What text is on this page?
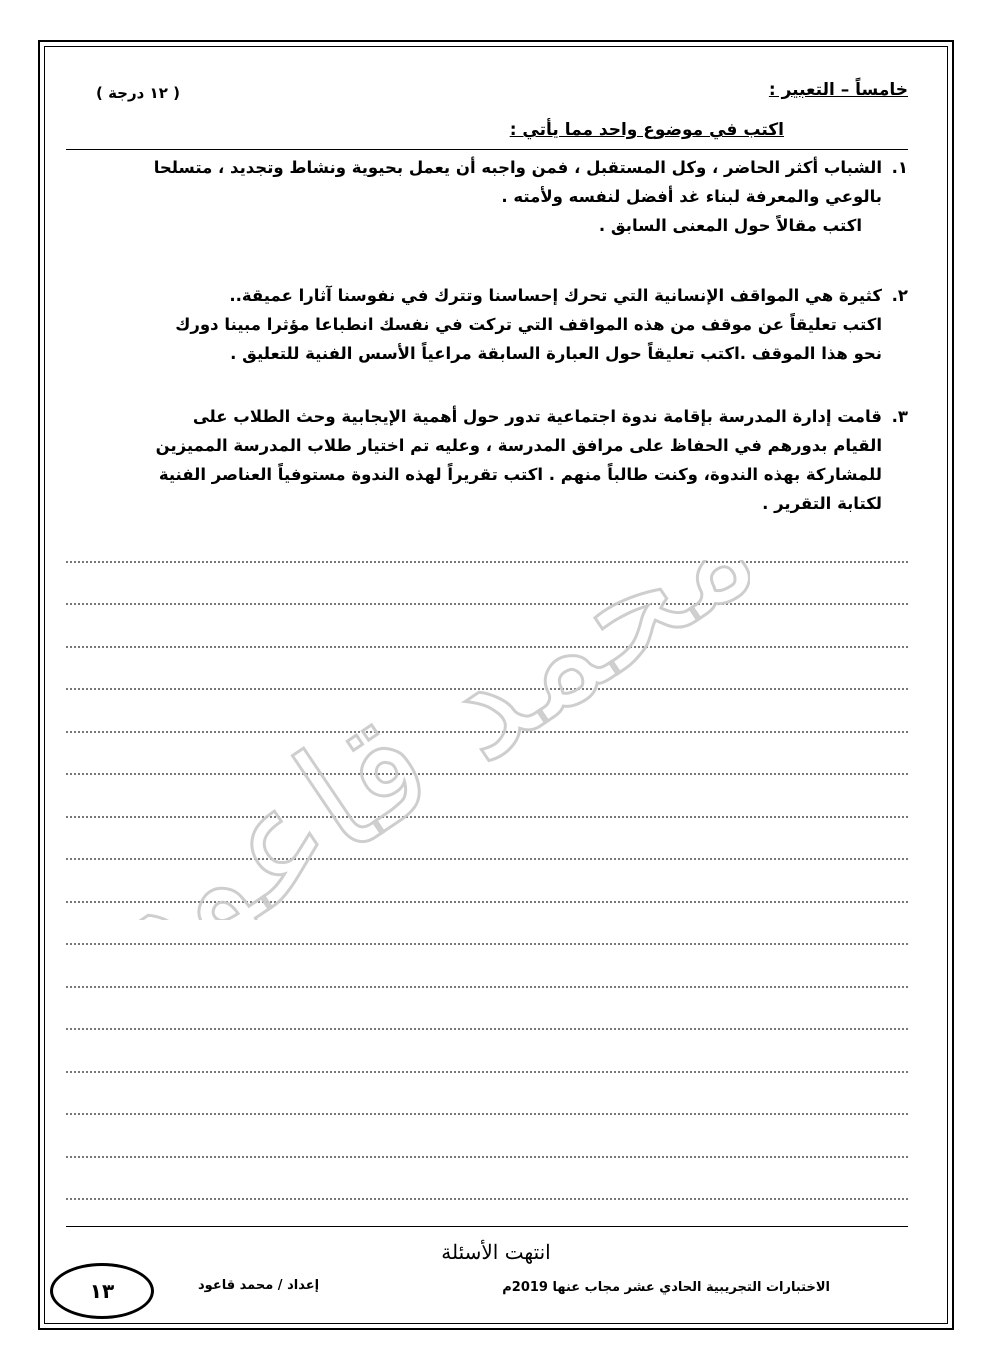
خامساً – التعبير :
( ١٢ درجة )
اكتب في موضوع واحد مما يأتي :
١.الشباب أكثر الحاضر ، وكل المستقبل ، فمن واجبه أن يعمل بحيوية ونشاط وتجديد ، متسلحا
بالوعي والمعرفة لبناء غد أفضل لنفسه ولأمته .
اكتب مقالاً حول المعنى السابق .
٢.كثيرة هي المواقف الإنسانية التي تحرك إحساسنا وتترك في نفوسنا آثارا عميقة..
اكتب تعليقاً عن موقف من هذه المواقف التي تركت في نفسك انطباعا مؤثرا مبينا دورك
نحو هذا الموقف .اكتب تعليقاً حول العبارة السابقة مراعياً الأسس الفنية للتعليق .
٣.قامت إدارة المدرسة بإقامة ندوة اجتماعية تدور حول أهمية الإيجابية وحث الطلاب على
القيام بدورهم في الحفاظ على مرافق المدرسة ، وعليه تم اختيار طلاب المدرسة المميزين
للمشاركة بهذه الندوة، وكنت طالباً منهم . اكتب تقريراً لهذه الندوة مستوفياً العناصر الفنية
لكتابة التقرير .
محمد قاعود
انتهت الأسئلة
١٣	إعداد / محمد قاعود	الاختبارات التجريبية الحادي عشر مجاب عنها 2019م
